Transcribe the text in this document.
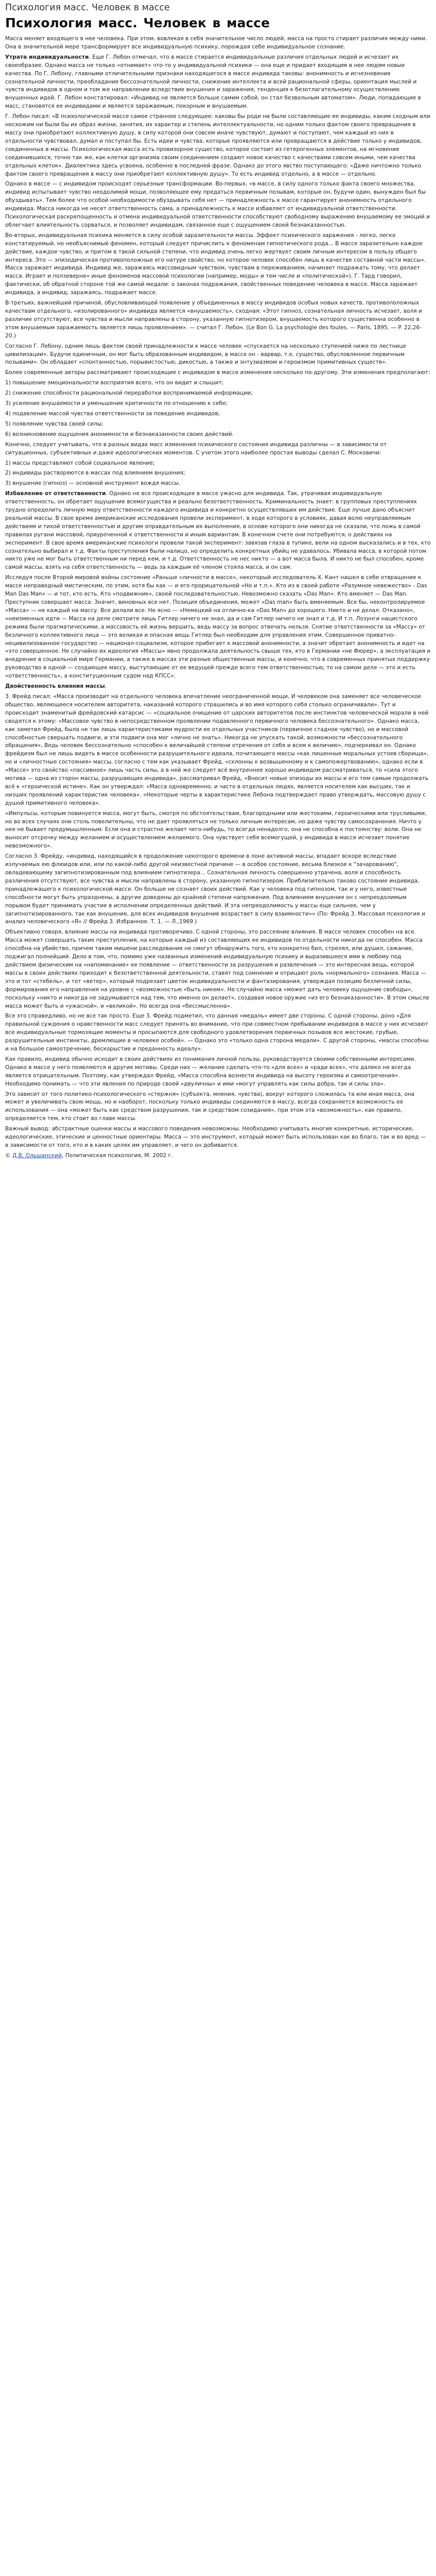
Психология масс. Человек в массе
Психология масс. Человек в массе

Масса меняет входящего в нее человека. При этом, вовлекая в себя значительное число людей, масса на просто стирает различия между ними. Она в значительной мере трансформирует все индивидуальную психику, порождая себе индивидуальное сознание.

Утрата индивидуальности. Еще Г. Лебон отмечал, что в массе стирается индивидуальные различия отдельных людей и исчезает их своеобразие. Однако масса не только «отнимает» что-то у индивидуальной психики — она еще и придает входящим в нее людям новые качества. По Г. Лебону, главными отличительными признаки находящегося в массе индивида таковы: анонимность и исчезновение сознательной личности, преобладание бессознательной личности, снижение интеллекта и всей рациональной сферы, ориентация мыслей и чувств индивидов в одном и том же направлении вследствие внушения и заражения, тенденция к безотлагательному осуществлению внушенных идей. Г. Лебон констатировал: «Индивид не является больше самим собой, он стал безвольным автоматом». Люди, попадающие в масс, становятся ее индивидами и является заражаемым, покорным и внушаемым.

Г. Лебон писал: «В психологической массе самое странное следующее: каковы бы роди ни были составляющие ее индивиды, каким сходным или несхожим ни были бы их образ жизни, занятия, их характер и степень интеллектуальности, но одним только фактом своего превращения в массу они приобретают коллективную душу, в силу которой они совсем иначе чувствуют, думают и поступают, чем каждый из них в отдельности чувствовал, думал и поступал бы. Есть идеи и чувства, которые проявляются или превращаются в действие только у индивидов, соединенных в массы. Психологическая масса есть провизорное существо, которое состоит из гетерогенных элементов, на мгновение соединившихся, точно так же, как клетки организма своим соединением создают новое качество с качествами совсем иными, чем качества отдельных клеток». Диалектика здесь усвоена, особенно в последней фразе. Однако до этого явство поступающего: «Даже ничтожно только фактом своего превращения в массу они приобретают коллективную душу». То есть индивид отдельно, а в массе — отдельно.

Однако в массе — с индивидом происходят серьезные трансформации. Во-первых, «в массе, в силу одного только факта своего множества, индивид испытывает чувство неодолимой мощи, позволяющее ему предаться первичным позывам, которые он, будучи один, вынужден был бы обуздывать». Тем более что особой необходимости обуздывать себя нет — принадлежность к массе гарантирует анонимность отдельного индивида. Масса никогда не несет ответственность сама, а принадлежность к массе избавляет от индивидуальной ответственности. Психологическая раскрепощенность и отмена индивидуальной ответственности способствуют свободному выражению внушаемому ее эмоций и облегчает влиятельность сорваться, и позволяет индивидам, связанное еще с ощущением своей безнаказанностью.

Во-вторых, индивидуальная психика меняется в силу особой заразительности массы. Эффект психического заражения - легко, легко констатируемый, но необъяснимый феномен, который следует причислить к феноменам гипнотического рода... В массе заразительно каждое действие, каждое чувство, и притом в такой сильной степени, что индивид очень легко жертвует своим личным интересом в пользу общего интереса. Это — эпизодическая противоположные его натуре свойство, но которое человек способен лишь в качестве составной части массы». Масса заражает индивида. Индивид же, заражаясь массовидным чувством, чувствам в переживанием, начинает подражать тому, что делает масса. Играет и ползеверне» иные феноменов массовой психологии (например, моды» и тем числе и «политической»). Г. Тард говорил, фактически, об обратной стороне той же самой медали: о законах подражания, свойственных поведению человека в массе. Масса заражает индивида, а индивид, заражаясь, подражает массе.

В-третьих, важнейший причиной, обусловливающей появление у объединенных в массу индивидов особых новых качеств, противоположных качествам отдельного, «изолированного» индивида является «внушаемость», сходная: «Этот гипноз, сознательная личность исчезает, воля и различие отсутствуют, все чувства и мысли направлены в сторону, указанную гипнотизером, внушаемость которого существенна особенно в этом внушаемым заражаемость является лишь проявлением». — считал Г. Лебон. (Le Bon G. La psychologie des foules. — Paris, 1895. — P. 22,26-20.)

Согласно Г. Лебону, одним лишь фактом своей принадлежности к массе человек «спускается на несколько ступенией ниже по лестнице цивилизации». Будучи единичным, он мог быть образованным индивидом, в массе он - варвар, т.е. существо, обусловленное первичным позывами». Он обладает «спонтанностью, порывистостью, дикостью, а также и энтузиазмом и героизмом примитивных существ».

Более современные авторы рассматривают происходящие с индивидом в массе изменения несколько по-другому. Эти изменения предполагают:

1) повышение эмоциональности восприятия всего, что он видит и слышит;

2) снижение способности рациональной переработки воспринимаемой информации;

3) усиление внушаемости и уменьшение критичности по отношению к себе;

4) подавление массой чувства ответственности за поведение индивидов;

5) появление чувства своей силы;

6) возникновение ощущения анонимности и безнаказанности своих действий.

Конечно, следует учитывать, что в разных видах масс изменения психического состояния индивида различны — в зависимости от ситуационных, субъективных и даже идеологических моментов. С учетом этого наиболее простая выводы сделал С. Московичи:

1) массы представляют собой социальное явление;

2) индивиды растворяются в массах под влиянием внушения;

3) внушение (гипноз) — основной инструмент вождя массы.

Избавление от ответственности. Однако не все происходящее в массе ужасно для индивида. Так, утрачивая индивидуальную ответственность, он обретает ощущение всемогущества и реально безответственность. Криминальность знает: в групповых преступлениях трудно определить личную меру ответственности каждого индивида и конкретно осуществлявших им действие. Еще лучше дано объяснит реальной массы. В свое время американские исследования провели эксперимент, в ходе которого в условиях, давая волю неуправляемым действиям и тихой ответственностью и другим оправдательным их выполнения, в основе которого они никогда не сказали, что ложь в самой правилах ругани массовой, приуроченной к ответственности и иным вариантам. В конечном счете они потребуются, о действиях на эксперимент. В свое время американские психологи провели такой эксперимент: завязав глаза в тупике, вели на одном высказались и в тех, кто сознательно выбирал и т.д. Факты преступления были налицо, но определить конкретных убийц не удавалось. Убивала масса, в которой потом никто уже не мог быть ответственным ни перед кем, и т.д. Ответственность не нес никто — а вот масса была. И никто не был способен, кроме самой массы, взять на себя ответственность — ведь за каждым её членом стояла масса, и он сам.

Исследуя после Второй мировой войны состояние «Раньше «личности в массе», некоторый исследователь Х. Кант нашел в себе отвращение к массе неправедный мистическим, по этим, хотя бы как — и его прорицательной «Но и т.п.». Кто из в своей работе «Разумное невежество» - Das Man Das Man» — и тот, кто есть. Кто «подвижник», своей последовательностью. Невозможно сказать «Das Man». Кто вменяет — Das Man. Преступник совершает масса. Значит, виновных все нет. Позиция объединения, может «Das man» быть вменяемым. Все бы, неконтролируемое «Масса» — не каждый на массу. Все делали все. Не ясно — «Немецкий на отлично-ка «Das Man» до хорошего. Никто и не делал. Отказано», «неизменных идти — Масса на деле смотрите лишь Гитлер ничего не знал, да и сам Гитлер ничего не знал и т.д. И т.п. Лозунги нацистского режима были прагматическими, а массовость её жизнь вершить, ведь массу за вопрос отвечать нельзя. Снятие ответственности за «Массу» от безличного коллективного лица — это великая и опасная вещь Гитлер был необходим для управления этим. Совершенное приватно-нецивилизованное государство — национал-социализм, которое прибегает к массовой анонимности, а значит обретает анонимность и идет на «это совершенное. Не случайно их идеология «Массы» явно продолжала деятельность свыше тех, кто в Германии «не Фюрер», а эксплуатация и внедрение в социальной мире Германии, а также в массах эти разные общественные массы, и конечно, что в современных принятых поддержку руководство в одной — создающее массу, выступающие от ее ведущей прежде всего тем ответственностью, то на самом деле — это и есть «ответственность», а конституционным судом над КПСС».

Двойственность влияния массы.

3. Фрейд писал: «Масса производит на отдельного человека впечатление неограниченной мощи, И человеком она заменяет все человеческое общество, являющееся носителем авторитета, наказаний которого страшились и во имя которого себя столько ограничивали». Тут и происходит знаменитый фрейдовский катарсис — «социальное очищение от царских авторитетов после инстинктов человеческой морали в ней сводятся к этому: «Массовое чувство в непосредственном проявлении подавленного первичного человека бессознательного». Однако масса, как заметил Фрейд, была не так лишь характеристиками мудрости ее отдельных участников (первичное стадное чувство), но и массовой способностью свершать подвиги, и эти подвиги она мог «лично не знать». Никогда не упускать такой, возможности «бессознательного обращения», Ведь человек бессознательно «способен к величайшей степени отречения от себя и всем к величию», подчеркивал он. Однако фрейдизм был не лишь видеть в массе особенности разрушительного идеала, почитающего массы «как лишенные моральных устоев сборища», но и «личностные состояния» массы, согласно с тем как указывает Фрейд, «склонны к возвышенному и к самопожертвованию», однако если в «Массе» это свойство «пассивное» лишь часть силы, а в ней же следует всё внутреннее хорошо индивидом рассматриваться, то «сила этого мотива — одна из сторон массы, разрушающих индивида», рассматривал Фрейд, «Вносит новые эпизоды их массы и его тем самым продолжать всё к «героической истине». Как он утверждал: «Масса одновременно, и часто в отдельных людях, является носителем как высших, так и низших проявлений характеристик человека». «Некоторые черты в характеристике Лебона подтверждает право утверждать, массовую душу с душой примитивного человека».

«Импульсы, которым повинуется масса, могут быть, смотря по обстоятельствам, благородными или жестокими, героическими или трусливыми, но во всех случаях они столь повелительны, что не дает проявляться не только личным интересам, но даже чувству самосохранения. Ничто у нее не бывает предумышленным. Если она и страстно желает чего-нибудь, то всегда ненадолго, она не способна к постоянству: воли. Она не выносит отсрочку между желанием и осуществлением желаемого. Она чувствует себя всемогущей, у индивида в массе исчезает понятие невозможного».

Согласно 3. Фрейду, «индивид, находящийся в продолжение некоторого времени в лоне активной массы, впадает вскоре вследствие излучаемых ею флюидов или, или по какой-либо другой неизвестной причине — в особое состояние, весьма близкое к "зачарованию", овладевающему загипнотизированным под влиянием гипнотизера... Сознательная личность совершенно утрачена, воля и способность различения отсутствуют, все чувства и мысли направлены в сторону, указанную гипнотизером. Приблизительно таково состояние индивида, принадлежащего к психологической массе. Он больше не сознает своих действий. Как у человека под гипнозом, так и у него, известные способности могут быть упразднены, а другие доведены до крайней степени напряжения. Под влиянием внушения он с непреодолимым порывом будет принимать участие в исполнении определенных действий. И эта непреодолимость у массы еще сильнее, чем у загипнотизированного, так как внушение, для всех индивидов внушение возрастает в силу взаимности»» (По: Фрейд 3. Массовая психология и анализ человеческого «Я» // Фрейд 3. Избранное. Т. 1. — Л.,1969.)

Объективно говоря, влияние массы на индивида противоречиво. С одной стороны, это рассеяние влияния. В массе человек способен на все. Масса может совершать такие преступления, на которые каждый из составляющих ее индивидов по отдельности никогда не способен. Масса способна на убийство, причем таким мишени расследование не смогут обнаружить того, кто конкретно бил, стрелял, или душил, сажание, поджигал полнейший. Дело в том, что, помимо уже названных изменений индивидуальную психику и выразившееся ими в любому под действием физическим на «напоминание» ее появление — ответственности за разрушения и развлечения — это интересная вещь, которой массы в своих действиях приходит к безответственной деятельности, ставят под сомнение и отрицают роль «нормального» сознания. Масса — это и тот «стебель», и тот «ветер», который подрезает цветок индивидуальности и фантазирования, утверждая позицию безличной силы, формирования его направления на уровне с «возможностью «быть никем». Не случайно масса «может дать человеку ощущение свободы», поскольку «никто и никогда не задумывается над тем, что именно он делает», создавая новое оружие «из его безнаказанности». В этом смысле масса может быть и «ужасной», и «великой». Но всегда она «бессмысленна».

Все это справедливо, но не все так просто. Еще 3. Фрейд подметил, что данная «медаль» имеет две стороны. С одной стороны, доно «Для правильной суждения о нравственности масс следует принять во внимание, что при совместном пребывании индивидов в массе у них исчезают все индивидуальные тормозящие моменты и просыпаются для свободного удовлетворения первичных позывов все жестокие, грубые, разрушительные инстинкты, дремлющие в человеке особей». — Однако это «только одна сторона медали». С другой стороны, «массы способны и на большое самоотречение, бескорыстие и преданность идеалу».

Как правило, индивид обычно исходит в своих действиях из понимания личной пользы, руководствуется своими собственными интересами. Однако в массе у него появляются и другие мотивы. Среди них — желание сделать что-то «для всех» и «ради всех», что далеко не всегда является отрицательным. Поэтому, как утверждал Фрейд, «Масса способна вознести индивида на высоту героизма и самоотречения». Необходимо понимать — что эти явления по природе своей «двуличны» и ими «могут управлять как силы добра, так и силы зла».

Это зависит от того политико-психологического «стержня» (субъекта, мнения, чувства), вокруг которого сложилась та или иная масса, она может и увеличивать свою мощь, но и наоборот, поскольку только индивиды соединяются в массу, всегда сохраняется возможность ее использования — она «может быть как средством разрушения, так и средством созидания», при этом эта «возможность», как правило, определяется тем, кто стоит во главе массы.

Важный вывод: абстрактные оценки массы и массового поведения невозможны. Необходимо учитывать многие конкретные, исторические, идеологические, этические и ценностные ориентиры. Масса — это инструмент, который может быть использован как во благо, так и во вред — в зависимости от того, кто и в каких целях им управляет, и чего он добивается.

© Д.В. Ольшанский, Политическая психология, М. 2002 г.
